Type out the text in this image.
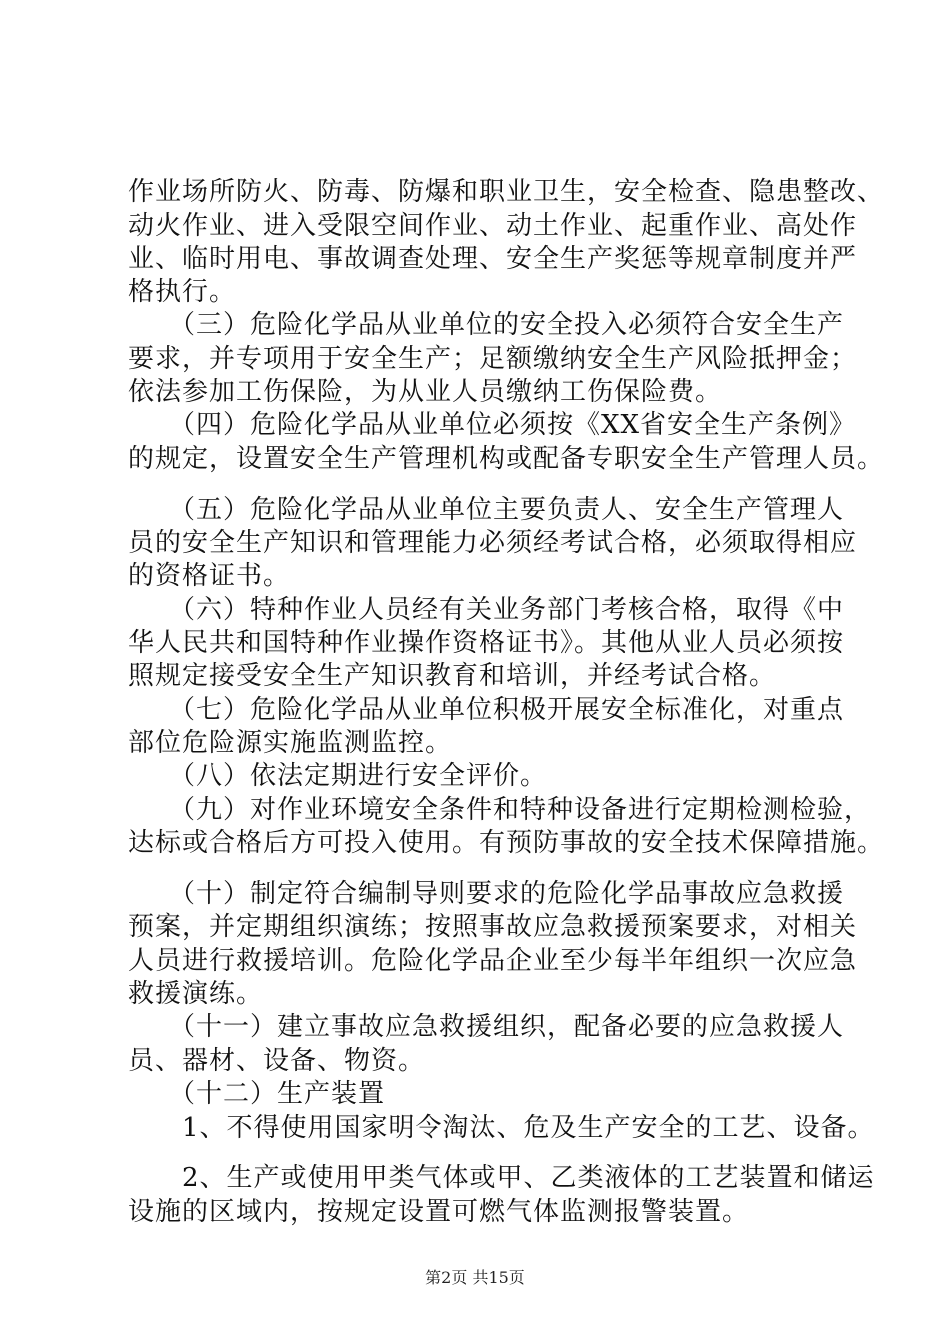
作业场所防火、防毒、防爆和职业卫生，安全检查、隐患整改、
动火作业、进入受限空间作业、动土作业、起重作业、高处作
业、临时用电、事故调查处理、安全生产奖惩等规章制度并严
格执行。
　　（三）危险化学品从业单位的安全投入必须符合安全生产
要求，并专项用于安全生产；足额缴纳安全生产风险抵押金；
依法参加工伤保险，为从业人员缴纳工伤保险费。
　　（四）危险化学品从业单位必须按《XX省安全生产条例》
的规定，设置安全生产管理机构或配备专职安全生产管理人员。
　　（五）危险化学品从业单位主要负责人、安全生产管理人
员的安全生产知识和管理能力必须经考试合格，必须取得相应
的资格证书。
　　（六）特种作业人员经有关业务部门考核合格，取得《中
华人民共和国特种作业操作资格证书》。其他从业人员必须按
照规定接受安全生产知识教育和培训，并经考试合格。
　　（七）危险化学品从业单位积极开展安全标准化，对重点
部位危险源实施监测监控。
　　（八）依法定期进行安全评价。
　　（九）对作业环境安全条件和特种设备进行定期检测检验，
达标或合格后方可投入使用。有预防事故的安全技术保障措施。
　　（十）制定符合编制导则要求的危险化学品事故应急救援
预案，并定期组织演练；按照事故应急救援预案要求，对相关
人员进行救援培训。危险化学品企业至少每半年组织一次应急
救援演练。
　　（十一）建立事故应急救援组织，配备必要的应急救援人
员、器材、设备、物资。
　　（十二）生产装置
　　1、不得使用国家明令淘汰、危及生产安全的工艺、设备。
　　2、生产或使用甲类气体或甲、乙类液体的工艺装置和储运
设施的区域内，按规定设置可燃气体监测报警装置。
第2页 共15页
